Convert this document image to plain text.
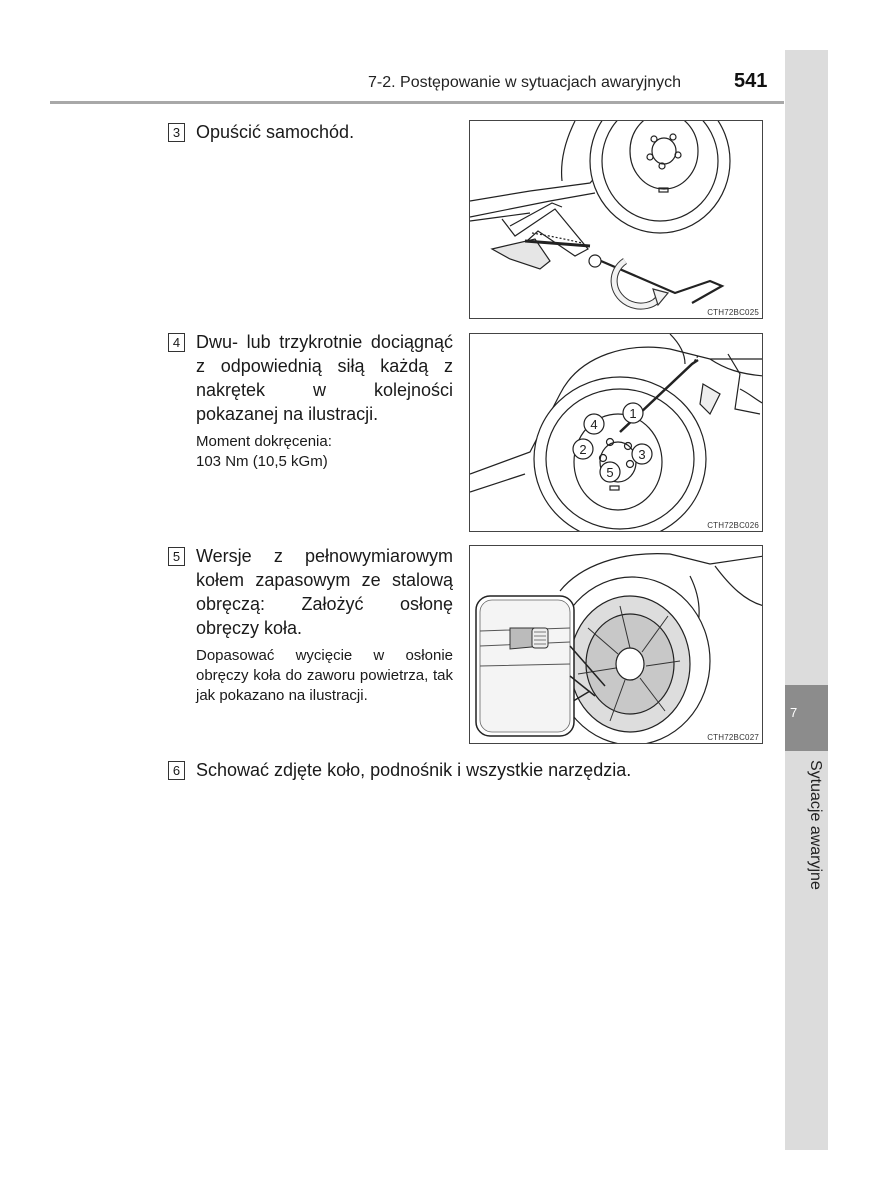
7-2. Postępowanie w sytuacjach awaryjnych	541
7
Sytuacje awaryjne
3 Opuścić samochód.
4 Dwu- lub trzykrotnie dociągnąć z odpowiednią siłą każdą z nakrętek w kolejności pokazanej na ilustracji.
Moment dokręcenia:
103 Nm (10,5 kGm)
5 Wersje z pełnowymiarowym kołem zapasowym ze stalową obręczą: Założyć osłonę obręczy koła.
Dopasować wycięcie w osłonie obręczy koła do zaworu powietrza, tak jak pokazano na ilustracji.
6 Schować zdjęte koło, podnośnik i wszystkie narzędzia.
CTH72BC025
1
4
2	3
5
CTH72BC026
CTH72BC027
